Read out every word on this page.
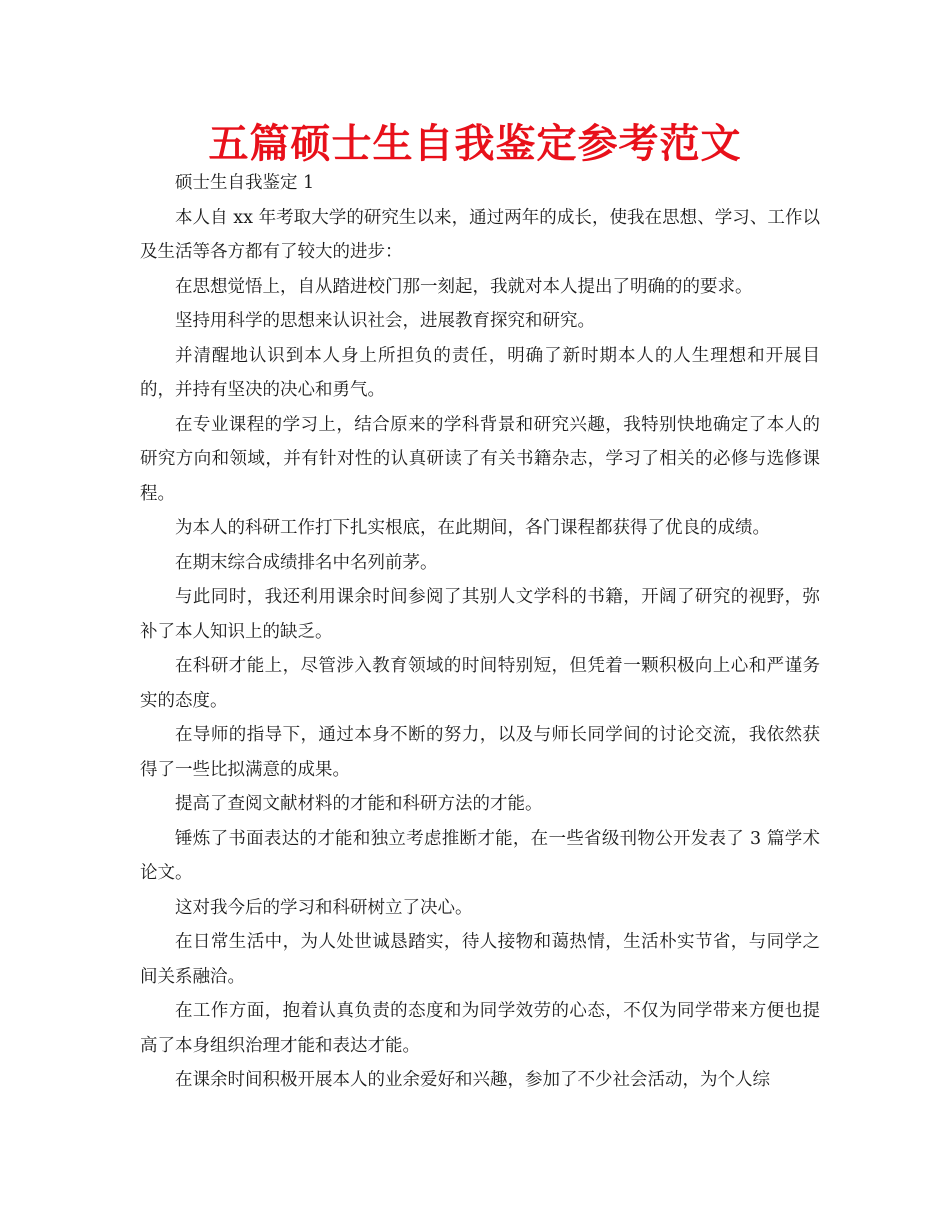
五篇硕士生自我鉴定参考范文

硕士生自我鉴定 1

本人自 xx 年考取大学的研究生以来，通过两年的成长，使我在思想、学习、工作以及生活等各方都有了较大的进步：

在思想觉悟上，自从踏进校门那一刻起，我就对本人提出了明确的的要求。

坚持用科学的思想来认识社会，进展教育探究和研究。

并清醒地认识到本人身上所担负的责任，明确了新时期本人的人生理想和开展目的，并持有坚决的决心和勇气。

在专业课程的学习上，结合原来的学科背景和研究兴趣，我特别快地确定了本人的研究方向和领域，并有针对性的认真研读了有关书籍杂志，学习了相关的必修与选修课程。

为本人的科研工作打下扎实根底，在此期间，各门课程都获得了优良的成绩。

在期末综合成绩排名中名列前茅。

与此同时，我还利用课余时间参阅了其别人文学科的书籍，开阔了研究的视野，弥补了本人知识上的缺乏。

在科研才能上，尽管涉入教育领域的时间特别短，但凭着一颗积极向上心和严谨务实的态度。

在导师的指导下，通过本身不断的努力，以及与师长同学间的讨论交流，我依然获得了一些比拟满意的成果。

提高了查阅文献材料的才能和科研方法的才能。

锤炼了书面表达的才能和独立考虑推断才能，在一些省级刊物公开发表了 3 篇学术论文。

这对我今后的学习和科研树立了决心。

在日常生活中，为人处世诚恳踏实，待人接物和蔼热情，生活朴实节省，与同学之间关系融洽。

在工作方面，抱着认真负责的态度和为同学效劳的心态，不仅为同学带来方便也提高了本身组织治理才能和表达才能。

在课余时间积极开展本人的业余爱好和兴趣，参加了不少社会活动，为个人综
